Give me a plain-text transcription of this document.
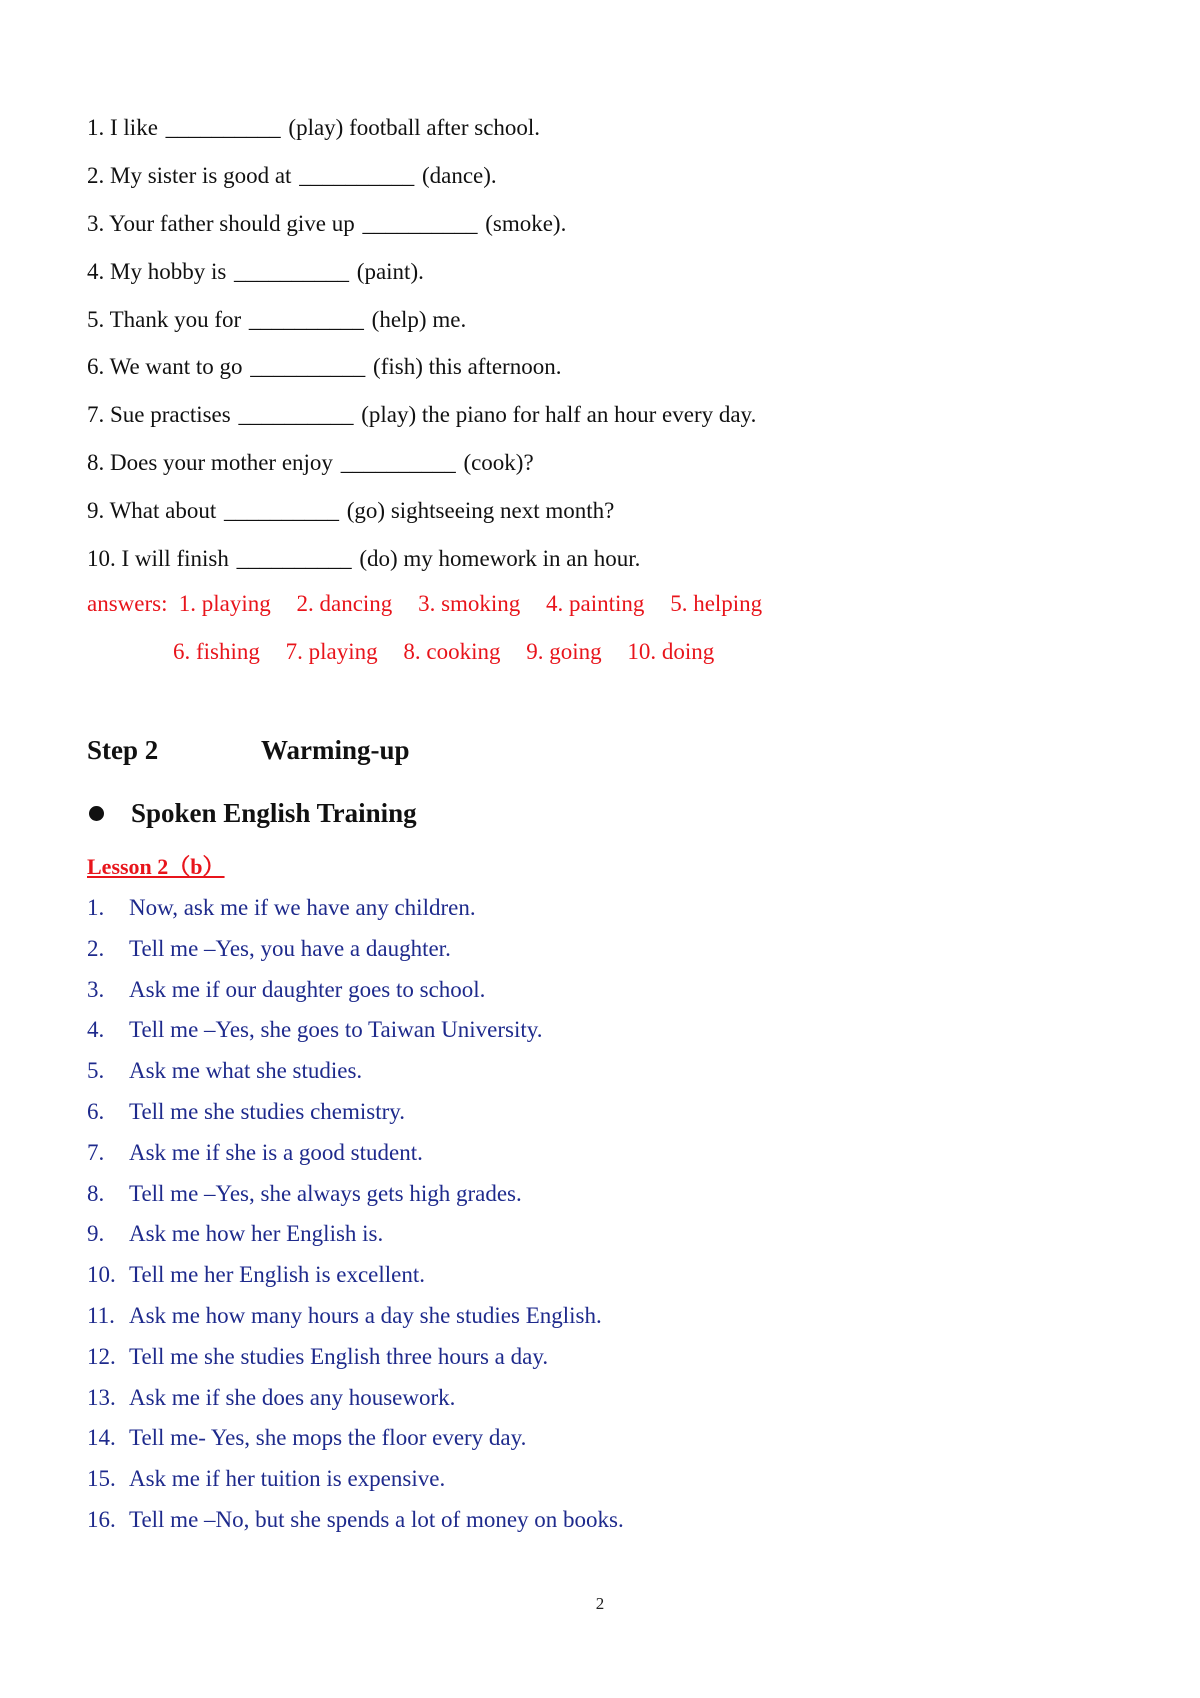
1. I like __________ (play) football after school.
2. My sister is good at __________ (dance).
3. Your father should give up __________ (smoke).
4. My hobby is __________ (paint).
5. Thank you for __________ (help) me.
6. We want to go __________ (fish) this afternoon.
7. Sue practises __________ (play) the piano for half an hour every day.
8. Does your mother enjoy __________ (cook)?
9. What about __________ (go) sightseeing next month?
10. I will finish __________ (do) my homework in an hour.
answers: 1. playing 2. dancing 3. smoking 4. painting 5. helping
6. fishing 7. playing 8. cooking 9. going 10. doing
Step 2	Warming-up
Spoken English Training
Lesson 2（b）
1. Now, ask me if we have any children.
2. Tell me –Yes, you have a daughter.
3. Ask me if our daughter goes to school.
4. Tell me –Yes, she goes to Taiwan University.
5. Ask me what she studies.
6. Tell me she studies chemistry.
7. Ask me if she is a good student.
8. Tell me –Yes, she always gets high grades.
9. Ask me how her English is.
10. Tell me her English is excellent.
11. Ask me how many hours a day she studies English.
12. Tell me she studies English three hours a day.
13. Ask me if she does any housework.
14. Tell me- Yes, she mops the floor every day.
15. Ask me if her tuition is expensive.
16. Tell me –No, but she spends a lot of money on books.
2
